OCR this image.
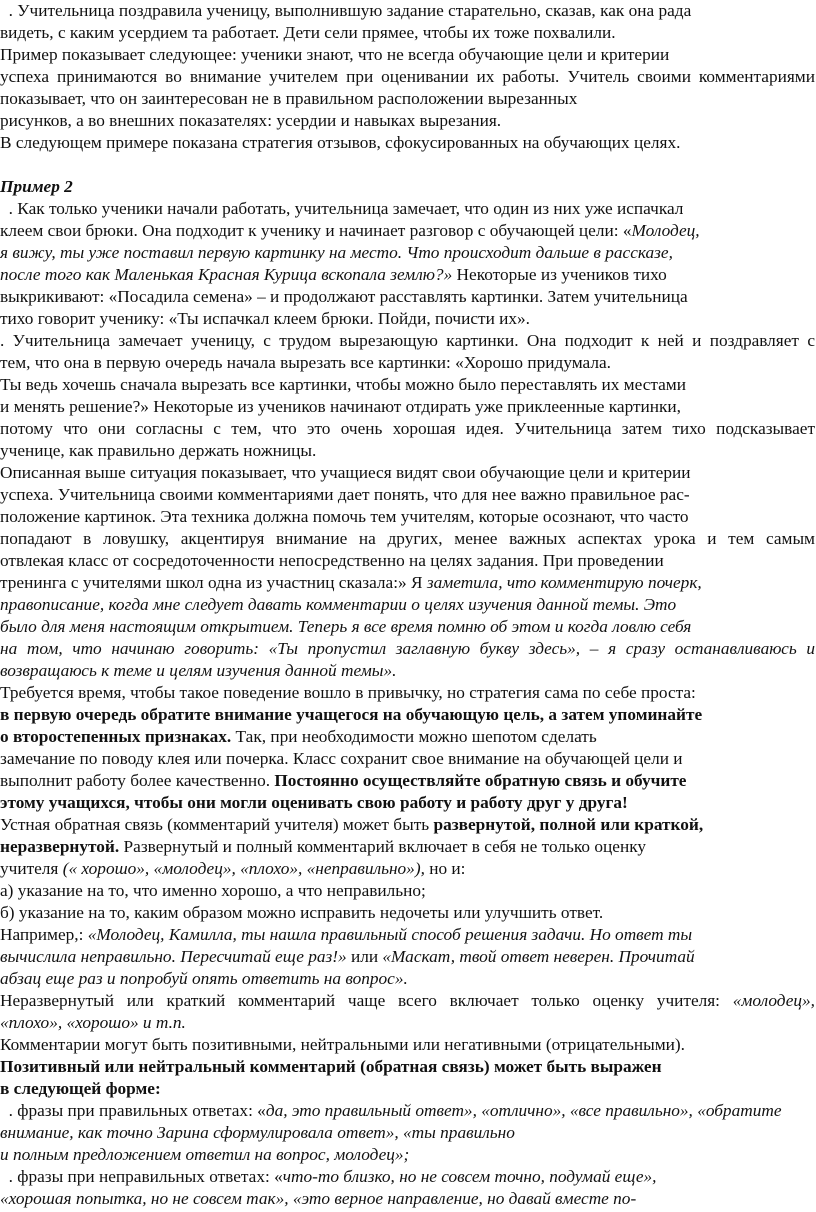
. Учительница поздравила ученицу, выполнившую задание старательно, сказав, как она рада
видеть, с каким усердием та работает. Дети сели прямее, чтобы их тоже похвалили.
Пример показывает следующее: ученики знают, что не всегда обучающие цели и критерии
успеха принимаются во внимание учителем при оценивании их работы. Учитель своими комментариями
показывает, что он заинтересован не в правильном расположении вырезанных
рисунков, а во внешних показателях: усердии и навыках вырезания.
В следующем примере показана стратегия отзывов, сфокусированных на обучающих целях.
Пример 2
. Как только ученики начали работать, учительница замечает, что один из них уже испачкал
клеем свои брюки. Она подходит к ученику и начинает разговор с обучающей цели: «Молодец,
я вижу, ты уже поставил первую картинку на место. Что происходит дальше в рассказе,
после того как Маленькая Красная Курица вскопала землю?» Некоторые из учеников тихо
выкрикивают: «Посадила семена» – и продолжают расставлять картинки. Затем учительница
тихо говорит ученику: «Ты испачкал клеем брюки. Пойди, почисти их».
. Учительница замечает ученицу, с трудом вырезающую картинки. Она подходит к ней и поздравляет с
тем, что она в первую очередь начала вырезать все картинки: «Хорошо придумала.
Ты ведь хочешь сначала вырезать все картинки, чтобы можно было переставлять их местами
и менять решение?» Некоторые из учеников начинают отдирать уже приклеенные картинки,
потому что они согласны с тем, что это очень хорошая идея. Учительница затем тихо подсказывает
ученице, как правильно держать ножницы.
Описанная выше ситуация показывает, что учащиеся видят свои обучающие цели и критерии
успеха. Учительница своими комментариями дает понять, что для нее важно правильное рас-
положение картинок. Эта техника должна помочь тем учителям, которые осознают, что часто
попадают в ловушку, акцентируя внимание на других, менее важных аспектах урока и тем самым
отвлекая класс от сосредоточенности непосредственно на целях задания. При проведении
тренинга с учителями школ одна из участниц сказала:» Я заметила, что комментирую почерк,
правописание, когда мне следует давать комментарии о целях изучения данной темы. Это
было для меня настоящим открытием. Теперь я все время помню об этом и когда ловлю себя
на том, что начинаю говорить: «Ты пропустил заглавную букву здесь», – я сразу останавливаюсь и
возвращаюсь к теме и целям изучения данной темы».
Требуется время, чтобы такое поведение вошло в привычку, но стратегия сама по себе проста:
в первую очередь обратите внимание учащегося на обучающую цель, а затем упоминайте
о второстепенных признаках. Так, при необходимости можно шепотом сделать
замечание по поводу клея или почерка. Класс сохранит свое внимание на обучающей цели и
выполнит работу более качественно. Постоянно осуществляйте обратную связь и обучите
этому учащихся, чтобы они могли оценивать свою работу и работу друг у друга!
Устная обратная связь (комментарий учителя) может быть развернутой, полной или краткой,
неразвернутой. Развернутый и полный комментарий включает в себя не только оценку
учителя (« хорошо», «молодец», «плохо», «неправильно»), но и:
а) указание на то, что именно хорошо, а что неправильно;
б) указание на то, каким образом можно исправить недочеты или улучшить ответ.
Например,: «Молодец, Камилла, ты нашла правильный способ решения задачи. Но ответ ты
вычислила неправильно. Пересчитай еще раз!» или «Маскат, твой ответ неверен. Прочитай
абзац еще раз и попробуй опять ответить на вопрос».
Неразвернутый или краткий комментарий чаще всего включает только оценку учителя: «молодец»,
«плохо», «хорошо» и т.п.
Комментарии могут быть позитивными, нейтральными или негативными (отрицательными).
Позитивный или нейтральный комментарий (обратная связь) может быть выражен
в следующей форме:
. фразы при правильных ответах: «да, это правильный ответ», «отлично», «все правильно», «обратите
внимание, как точно Зарина сформулировала ответ», «ты правильно
и полным предложением ответил на вопрос, молодец»;
. фразы при неправильных ответах: «что-то близко, но не совсем точно, подумай еще»,
«хорошая попытка, но не совсем так», «это верное направление, но давай вместе по-
